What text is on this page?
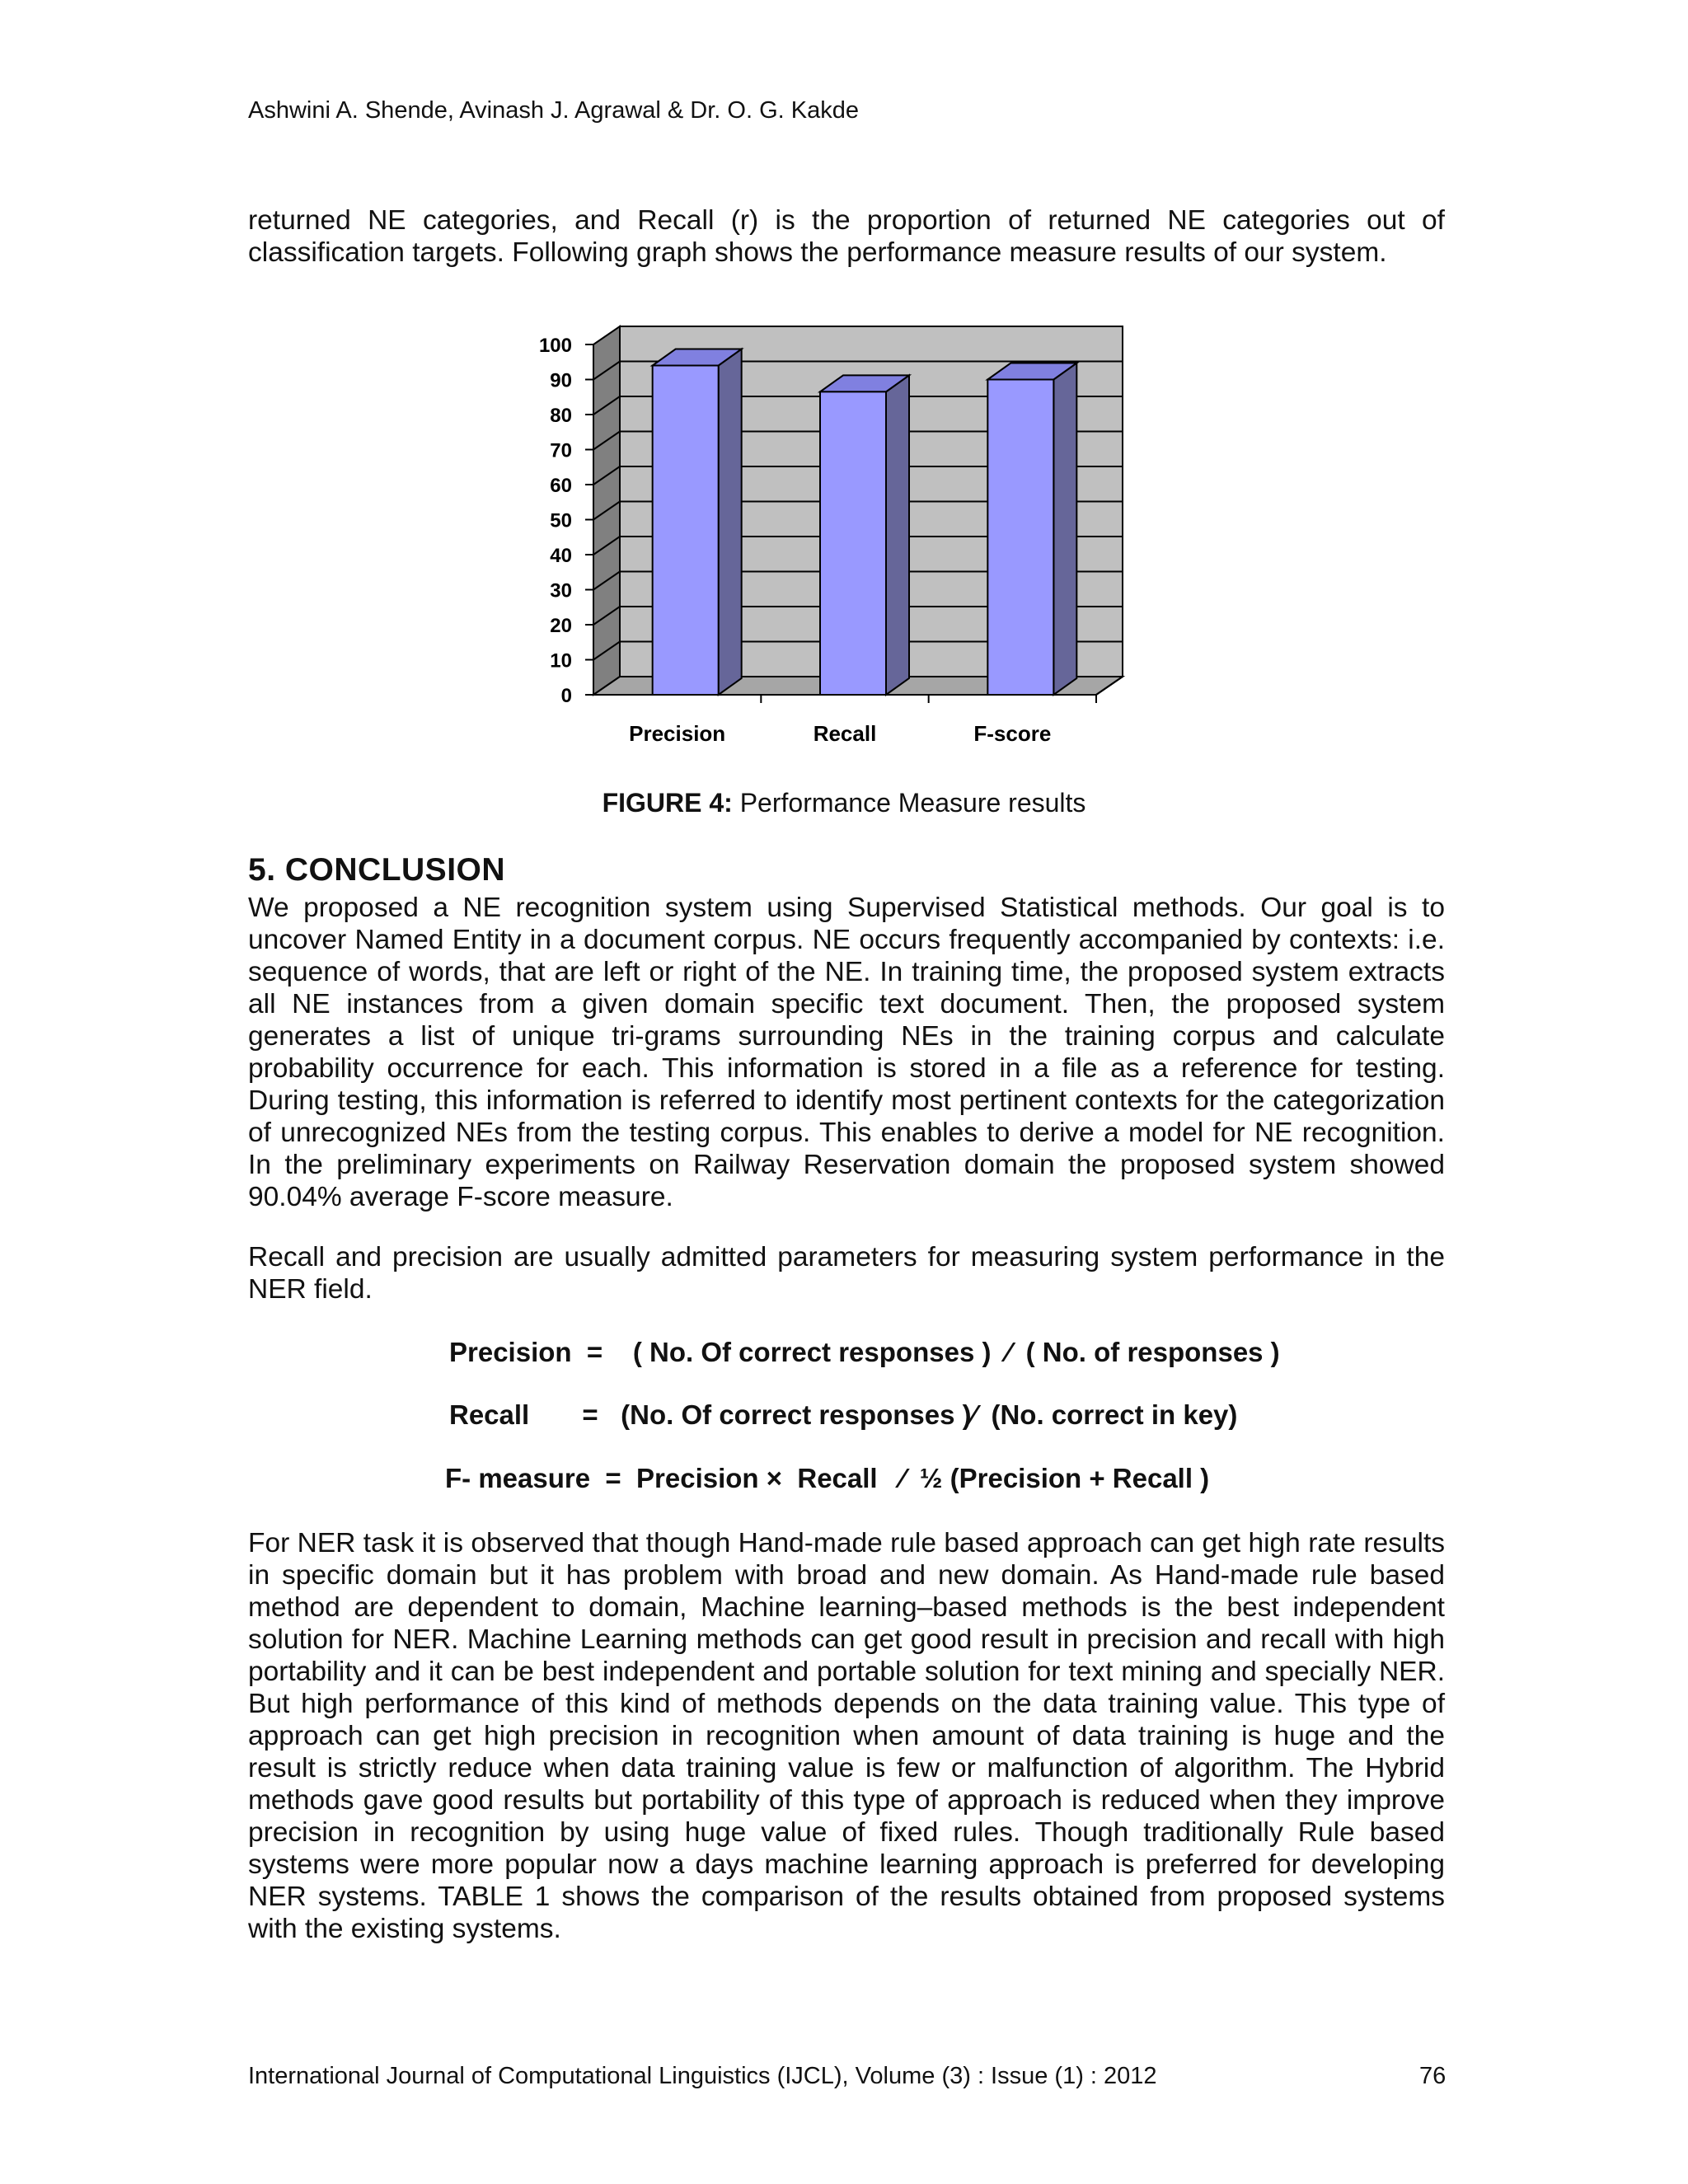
Ashwini A. Shende, Avinash J. Agrawal & Dr. O. G. Kakde

returned NE categories, and Recall (r) is the proportion of returned NE categories out of classification targets. Following graph shows the performance measure results of our system.

0
10
20
30
40
50
60
70
80
90
100
Precision	Recall	F-score
FIGURE 4: Performance Measure results
5. CONCLUSION

We proposed a NE recognition system using Supervised Statistical methods. Our goal is to uncover Named Entity in a document corpus. NE occurs frequently accompanied by contexts: i.e. sequence of words, that are left or right of the NE. In training time, the proposed system extracts all NE instances from a given domain specific text document. Then, the proposed system generates a list of unique tri-grams surrounding NEs in the training corpus and calculate probability occurrence for each. This information is stored in a file as a reference for testing. During testing, this information is referred to identify most pertinent contexts for the categorization of unrecognized NEs from the testing corpus. This enables to derive a model for NE recognition. In the preliminary experiments on Railway Reservation domain the proposed system showed 90.04% average F-score measure.

Recall and precision are usually admitted parameters for measuring system performance in the NER field.

Precision  =    ( No. Of correct responses )  ⁄  ( No. of responses )
Recall       =   (No. Of correct responses )⁄  (No. correct in key)
F- measure  =  Precision ×  Recall   ⁄  ½ (Precision + Recall )

For NER task it is observed that though Hand-made rule based approach can get high rate results in specific domain but it has problem with broad and new domain. As Hand-made rule based method are dependent to domain, Machine learning–based methods is the best independent solution for NER. Machine Learning methods can get good result in precision and recall with high portability and it can be best independent and portable solution for text mining and specially NER. But high performance of this kind of methods depends on the data training value. This type of approach can get high precision in recognition when amount of data training is huge and the result is strictly reduce when data training value is few or malfunction of algorithm. The Hybrid methods gave good results but portability of this type of approach is reduced when they improve precision in recognition by using huge value of fixed rules. Though traditionally Rule based systems were more popular now a days machine learning approach is preferred for developing NER systems. TABLE 1 shows the comparison of the results obtained from proposed systems with the existing systems.

International Journal of Computational Linguistics (IJCL), Volume (3) : Issue (1) : 2012	76
